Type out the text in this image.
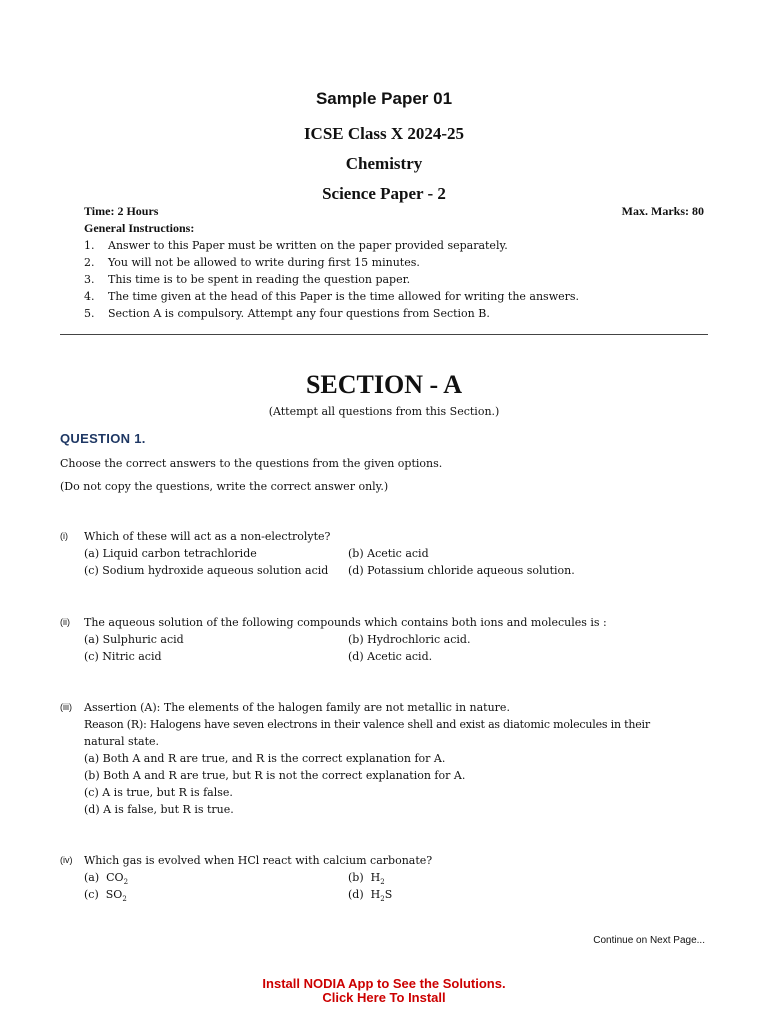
Sample Paper 01
ICSE Class X 2024-25
Chemistry
Science Paper - 2
Time: 2 Hours	Max. Marks: 80
General Instructions:
1. Answer to this Paper must be written on the paper provided separately.
2. You will not be allowed to write during first 15 minutes.
3. This time is to be spent in reading the question paper.
4. The time given at the head of this Paper is the time allowed for writing the answers.
5. Section A is compulsory. Attempt any four questions from Section B.
SECTION - A
(Attempt all questions from this Section.)
QUESTION 1.
Choose the correct answers to the questions from the given options.
(Do not copy the questions, write the correct answer only.)
(i) Which of these will act as a non-electrolyte?
(a) Liquid carbon tetrachloride	(b) Acetic acid
(c) Sodium hydroxide aqueous solution acid (d) Potassium chloride aqueous solution.
(ii) The aqueous solution of the following compounds which contains both ions and molecules is :
(a) Sulphuric acid	(b) Hydrochloric acid.
(c) Nitric acid	(d) Acetic acid.
(iii) Assertion (A): The elements of the halogen family are not metallic in nature.
Reason (R): Halogens have seven electrons in their valence shell and exist as diatomic molecules in their
natural state.
(a) Both A and R are true, and R is the correct explanation for A.
(b) Both A and R are true, but R is not the correct explanation for A.
(c) A is true, but R is false.
(d) A is false, but R is true.
(iv) Which gas is evolved when HCl react with calcium carbonate?
(a)  $CO_2$	(b)  $H_2$
(c)  $SO_2$	(d)  $H_2S$
Continue on Next Page...
Install NODIA App to See the Solutions.
Click Here To Install
